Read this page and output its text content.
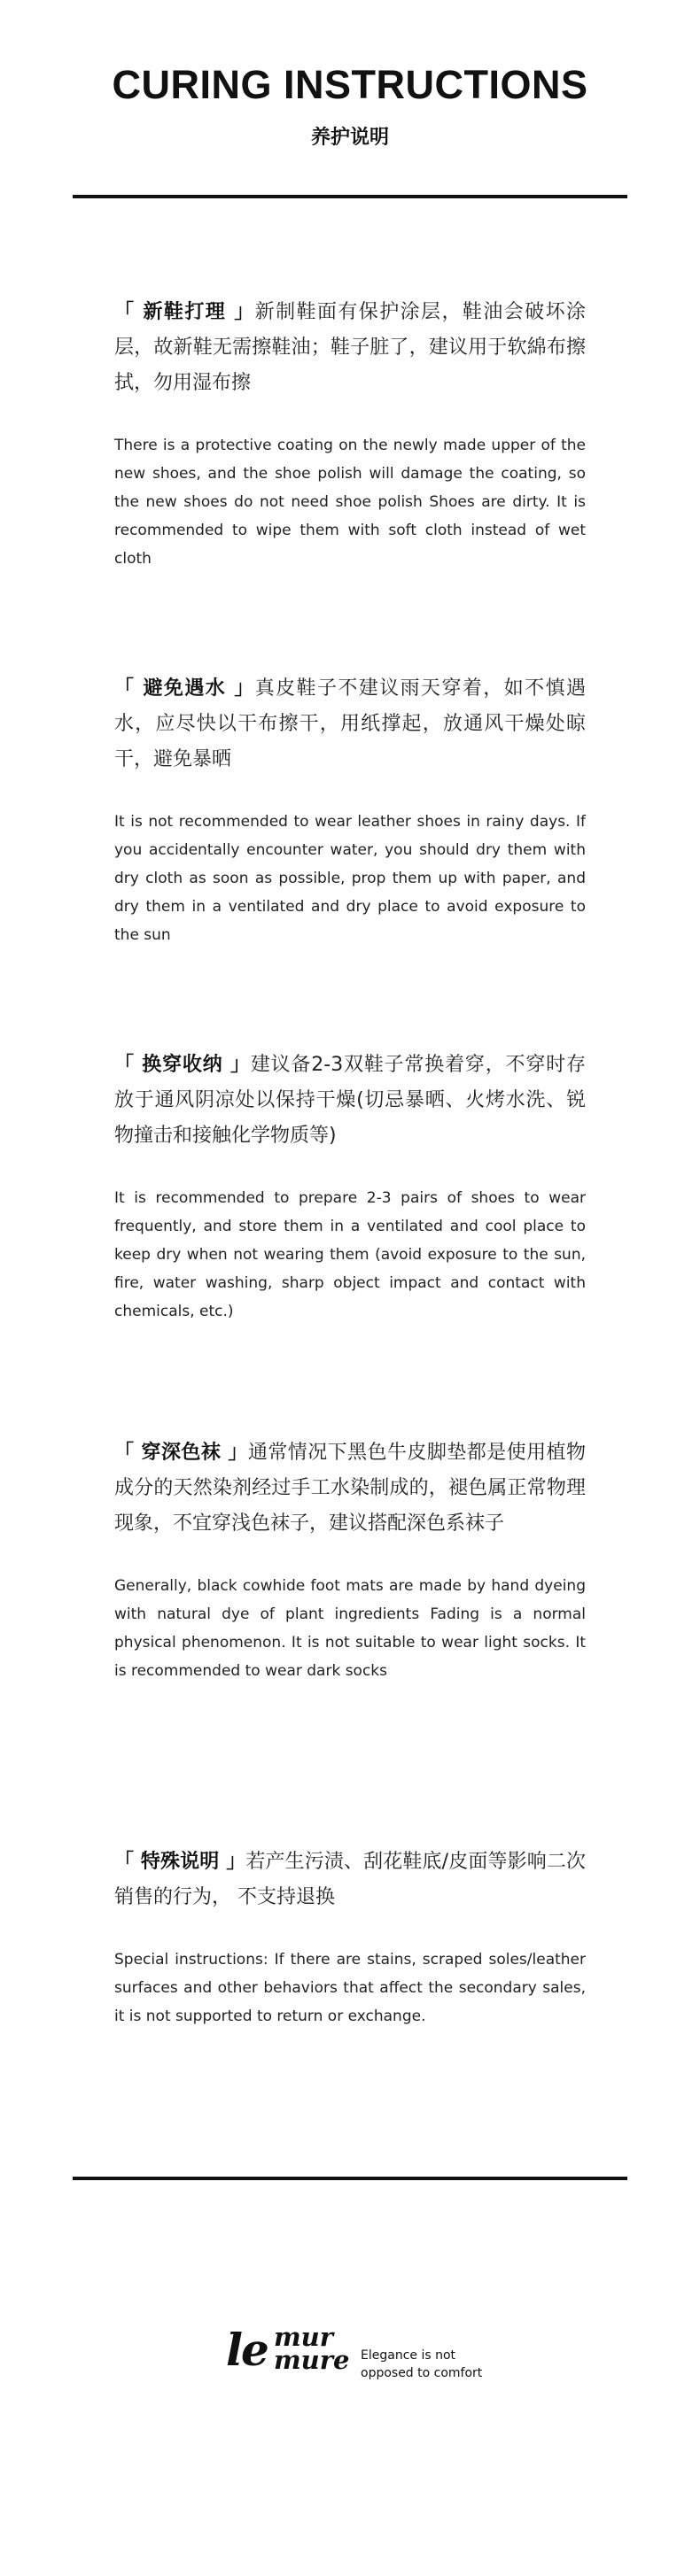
CURING INSTRUCTIONS
养护说明
「 新鞋打理 」新制鞋面有保护涂层，鞋油会破坏涂层，故新鞋无需擦鞋油；鞋子脏了，建议用于软綿布擦拭，勿用湿布擦
There is a protective coating on the newly made upper of the new shoes, and the shoe polish will damage the coating, so the new shoes do not need shoe polish Shoes are dirty. It is recommended to wipe them with soft cloth instead of wet cloth
「 避免遇水 」真皮鞋子不建议雨天穿着，如不慎遇水，应尽快以干布擦干，用纸撑起，放通风干燥处晾干，避免暴晒
It is not recommended to wear leather shoes in rainy days. If you accidentally encounter water, you should dry them with dry cloth as soon as possible, prop them up with paper, and dry them in a ventilated and dry place to avoid exposure to the sun
「 换穿收纳 」建议备2-3双鞋子常换着穿，不穿时存放于通风阴凉处以保持干燥(切忌暴晒、火烤水洗、锐物撞击和接触化学物质等)
It is recommended to prepare 2-3 pairs of shoes to wear frequently, and store them in a ventilated and cool place to keep dry when not wearing them (avoid exposure to the sun, fire, water washing, sharp object impact and contact with chemicals, etc.)
「 穿深色袜 」通常情况下黑色牛皮脚垫都是使用植物成分的天然染剂经过手工水染制成的，褪色属正常物理现象，不宜穿浅色袜子，建议搭配深色系袜子
Generally, black cowhide foot mats are made by hand dyeing with natural dye of plant ingredients Fading is a normal physical phenomenon. It is not suitable to wear light socks. It is recommended to wear dark socks
「 特殊说明 」若产生污渍、刮花鞋底/皮面等影响二次销售的行为， 不支持退换
Special instructions: If there are stains, scraped soles/leather surfaces and other behaviors that affect the secondary sales, it is not supported to return or exchange.
le mur
mure Elegance is not
opposed to comfort
